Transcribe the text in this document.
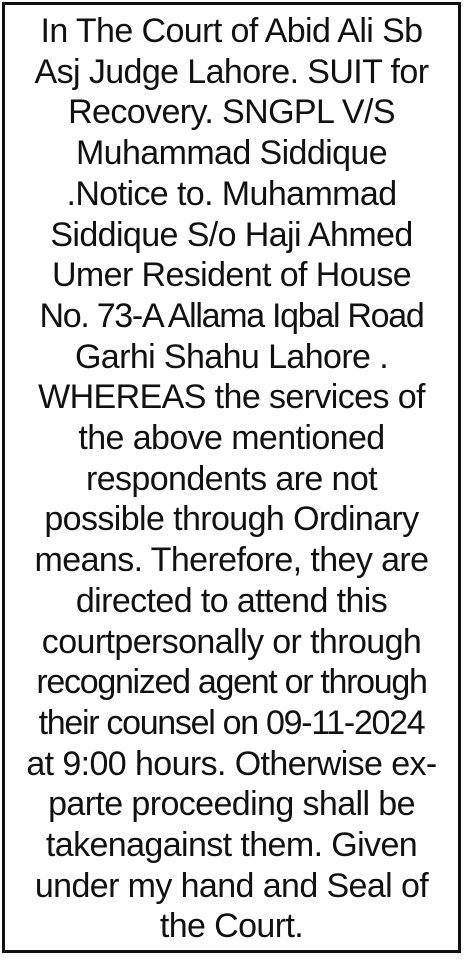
In The Court of Abid Ali Sb
Asj Judge Lahore. SUIT for
Recovery. SNGPL V/S
Muhammad Siddique
.Notice to. Muhammad
Siddique S/o Haji Ahmed
Umer Resident of House
No. 73-A Allama Iqbal Road
Garhi Shahu Lahore .
WHEREAS the services of
the above mentioned
respondents are not
possible through Ordinary
means. Therefore, they are
directed to attend this
courtpersonally or through
recognized agent or through
their counsel on 09-11-2024
at 9:00 hours. Otherwise ex-
parte proceeding shall be
takenagainst them. Given
under my hand and Seal of
the Court.
